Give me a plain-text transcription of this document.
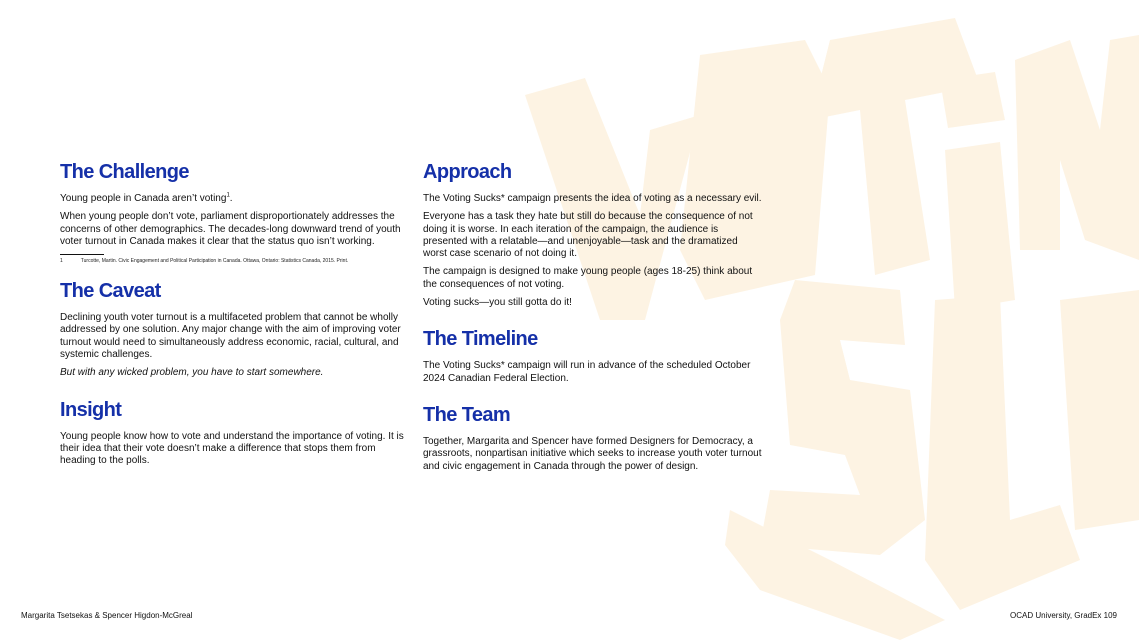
The Challenge

Young people in Canada aren’t voting$^1$.

When young people don’t vote, parliament disproportionately addresses the concerns of other demographics. The decades-long downward trend of youth voter turnout in Canada makes it clear that the status quo isn’t working.

1	Turcotte, Martin. Civic Engagement and Political Participation in Canada. Ottawa, Ontario: Statistics Canada, 2015. Print.
The Caveat

Declining youth voter turnout is a multifaceted problem that cannot be wholly addressed by one solution. Any major change with the aim of improving voter turnout would need to simultaneously address economic, racial, cultural, and systemic challenges.

But with any wicked problem, you have to start somewhere.

Insight

Young people know how to vote and understand the importance of voting. It is their idea that their vote doesn’t make a difference that stops them from heading to the polls.

Approach

The Voting Sucks* campaign presents the idea of voting as a necessary evil.

Everyone has a task they hate but still do because the consequence of not doing it is worse. In each iteration of the campaign, the audience is presented with a relatable—and unenjoyable—task and the dramatized worst case scenario of not doing it.

The campaign is designed to make young people (ages 18-25) think about the consequences of not voting.

Voting sucks—you still gotta do it!

The Timeline

The Voting Sucks* campaign will run in advance of the scheduled October 2024 Canadian Federal Election.

The Team

Together, Margarita and Spencer have formed Designers for Democracy, a grassroots, nonpartisan initiative which seeks to increase youth voter turnout and civic engagement in Canada through the power of design.

Margarita Tsetsekas & Spencer Higdon-McGreal	OCAD University, GradEx 109
